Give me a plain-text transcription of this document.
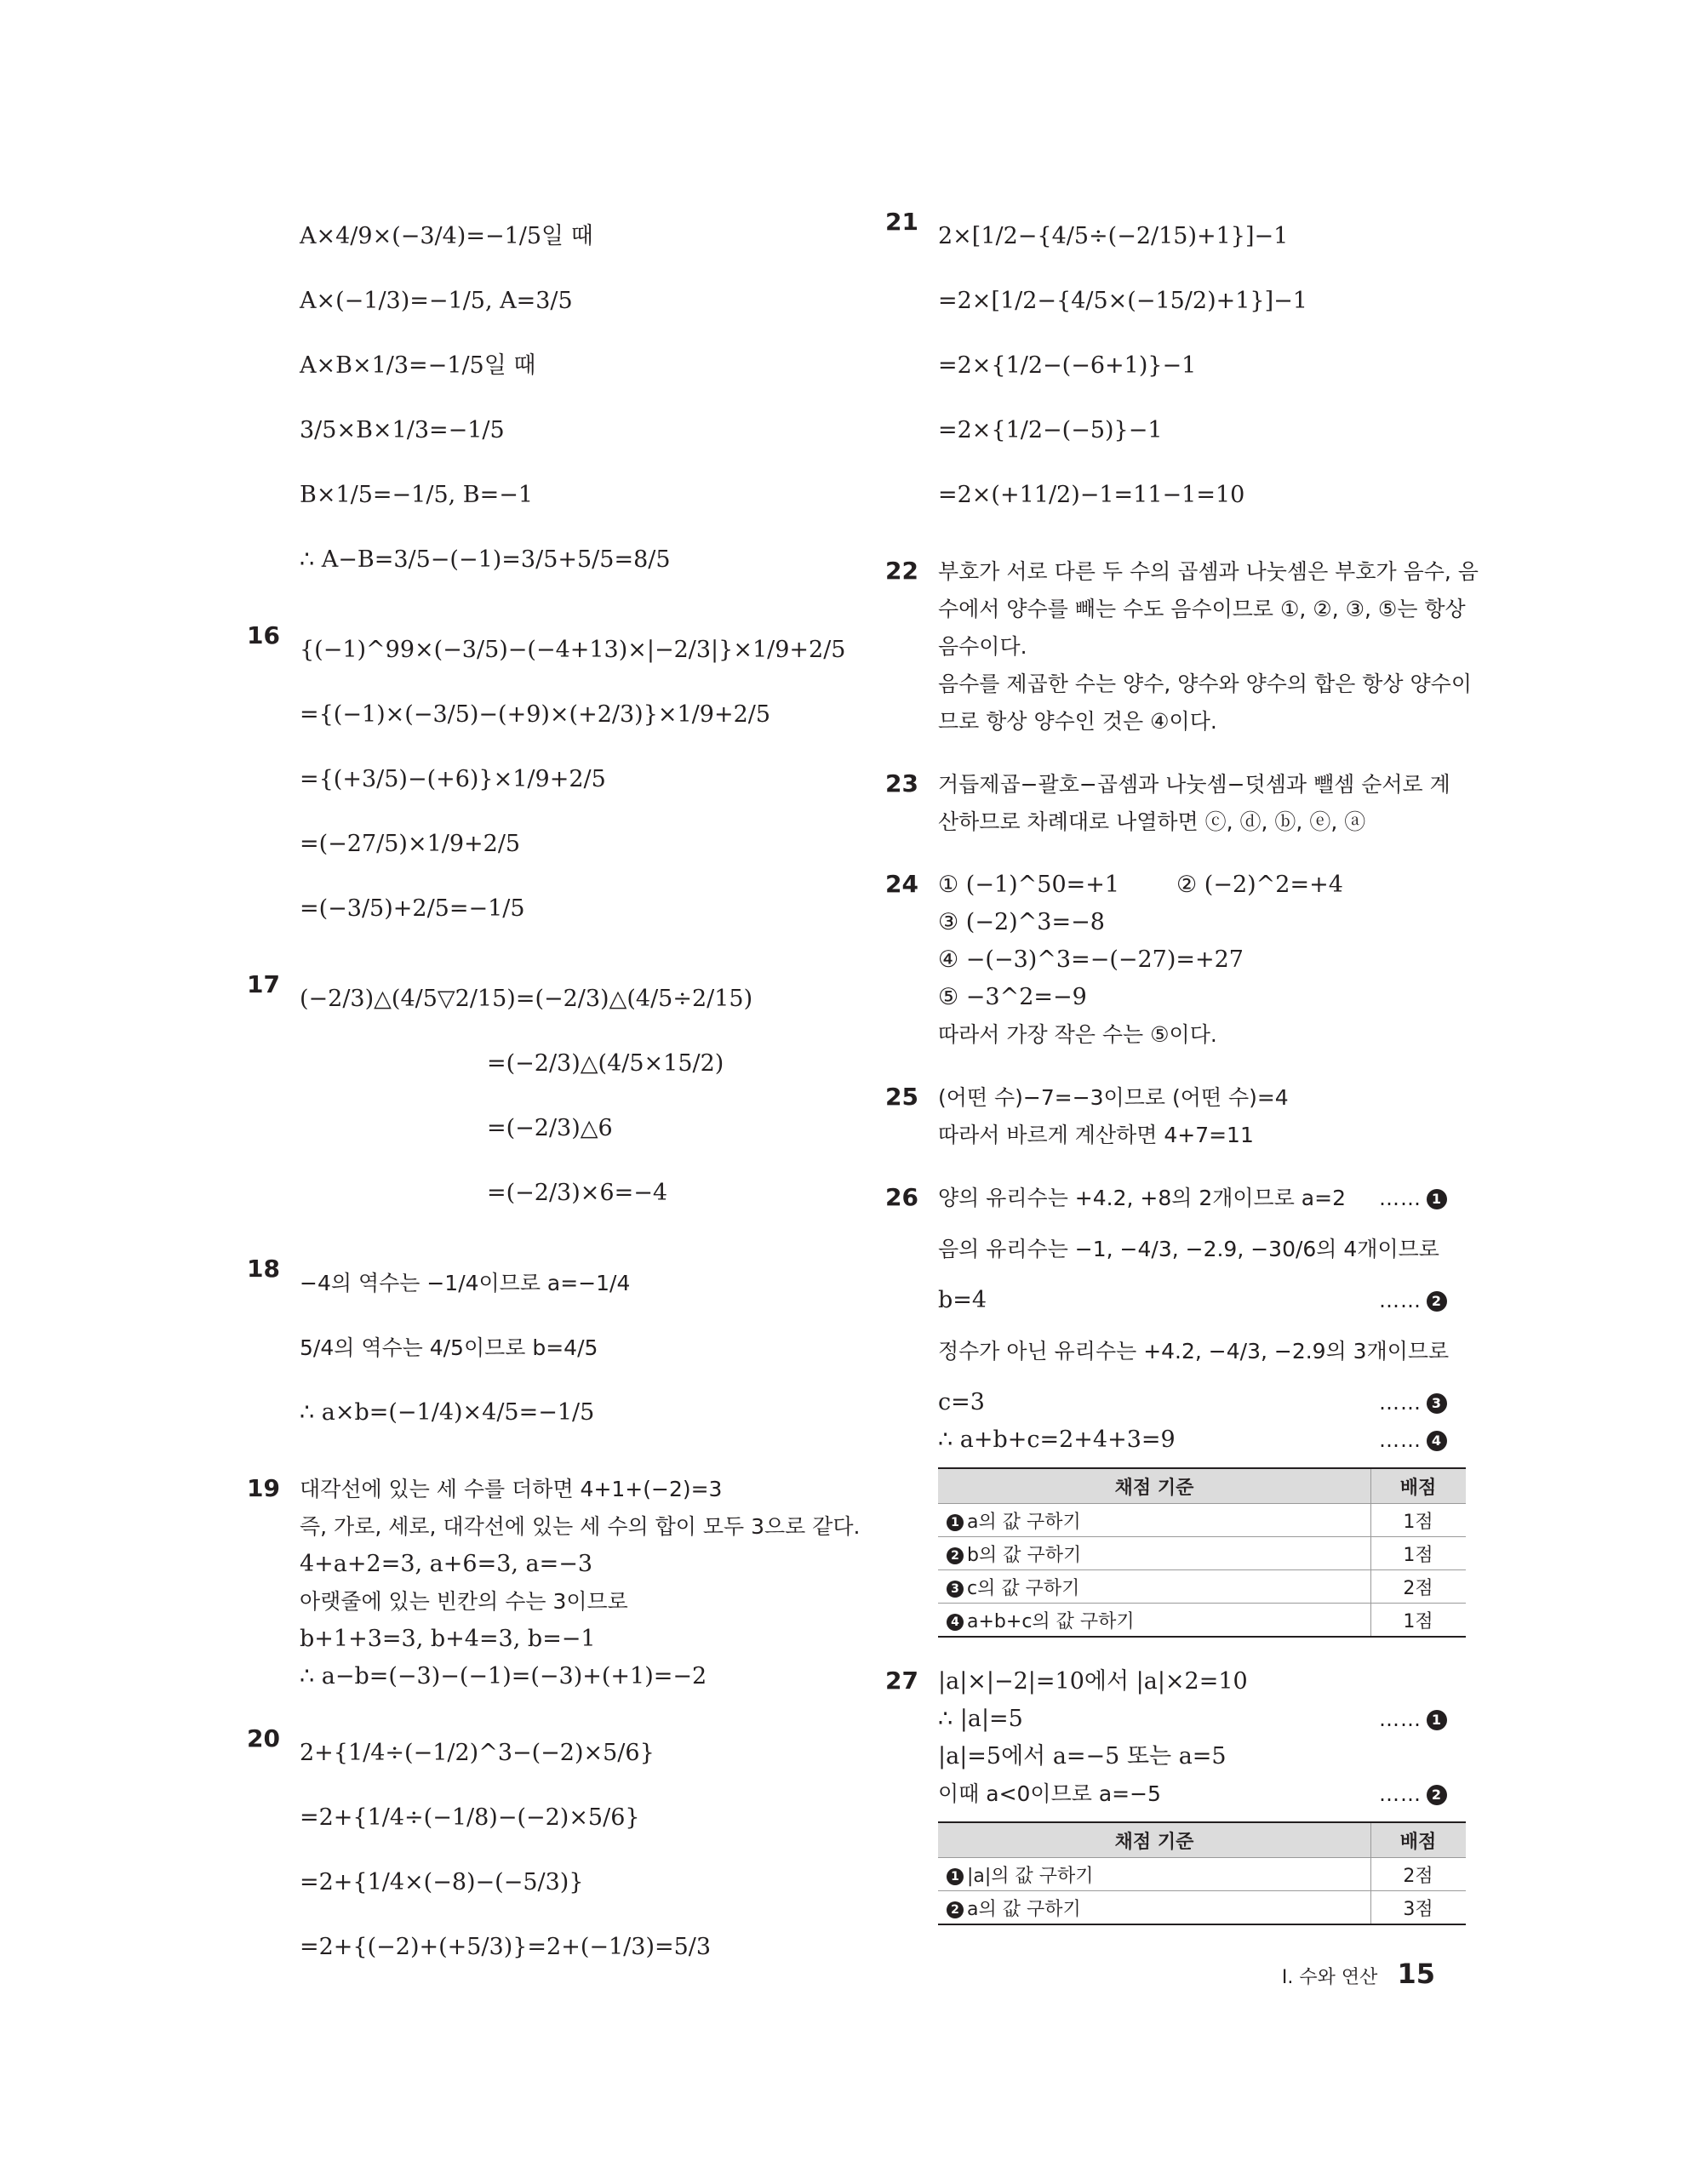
A×4/9×(−3/4)=−1/5일 때
A×(−1/3)=−1/5, A=3/5
A×B×1/3=−1/5일 때
3/5×B×1/3=−1/5
B×1/5=−1/5, B=−1
∴ A−B=3/5−(−1)=3/5+5/5=8/5
16
{(−1)^99×(−3/5)−(−4+13)×|−2/3|}×1/9+2/5
={(−1)×(−3/5)−(+9)×(+2/3)}×1/9+2/5
={(+3/5)−(+6)}×1/9+2/5
=(−27/5)×1/9+2/5
=(−3/5)+2/5=−1/5
17
(−2/3)△(4/5▽2/15)=(−2/3)△(4/5÷2/15)
=(−2/3)△(4/5×15/2)
=(−2/3)△6
=(−2/3)×6=−4
18
−4의 역수는 −1/4이므로 a=−1/4
5/4의 역수는 4/5이므로 b=4/5
∴ a×b=(−1/4)×4/5=−1/5
19 대각선에 있는 세 수를 더하면 4+1+(−2)=3
즉, 가로, 세로, 대각선에 있는 세 수의 합이 모두 3으로 같다.
4+a+2=3, a+6=3, a=−3
아랫줄에 있는 빈칸의 수는 3이므로
b+1+3=3, b+4=3, b=−1
∴ a−b=(−3)−(−1)=(−3)+(+1)=−2
20
2+{1/4÷(−1/2)^3−(−2)×5/6}
=2+{1/4÷(−1/8)−(−2)×5/6}
=2+{1/4×(−8)−(−5/3)}
=2+{(−2)+(+5/3)}=2+(−1/3)=5/3
21
2×[1/2−{4/5÷(−2/15)+1}]−1
=2×[1/2−{4/5×(−15/2)+1}]−1
=2×{1/2−(−6+1)}−1
=2×{1/2−(−5)}−1
=2×(+11/2)−1=11−1=10
22 부호가 서로 다른 두 수의 곱셈과 나눗셈은 부호가 음수, 음
수에서 양수를 빼는 수도 음수이므로 ①, ②, ③, ⑤는 항상
음수이다.
음수를 제곱한 수는 양수, 양수와 양수의 합은 항상 양수이
므로 항상 양수인 것은 ④이다.
23 거듭제곱−괄호−곱셈과 나눗셈−덧셈과 뺄셈 순서로 계
산하므로 차례대로 나열하면 ⓒ, ⓓ, ⓑ, ⓔ, ⓐ
24 ① (−1)^50=+1 ② (−2)^2=+4
③ (−2)^3=−8
④ −(−3)^3=−(−27)=+27
⑤ −3^2=−9
따라서 가장 작은 수는 ⑤이다.
25 (어떤 수)−7=−3이므로 (어떤 수)=4
따라서 바르게 계산하면 4+7=11
26 양의 유리수는 +4.2, +8의 2개이므로 a=2 …… 1
음의 유리수는 −1, −4/3, −2.9, −30/6의 4개이므로
b=4	…… 2
정수가 아닌 유리수는 +4.2, −4/3, −2.9의 3개이므로
c=3	…… 3
∴ a+b+c=2+4+3=9	…… 4
채점 기준	배점
1 a의 값 구하기	1점
2 b의 값 구하기	1점
3 c의 값 구하기	2점
4 a+b+c의 값 구하기	1점
27 |a|×|−2|=10에서 |a|×2=10
∴ |a|=5	…… 1
|a|=5에서 a=−5 또는 a=5
이때 a<0이므로 a=−5	…… 2
채점 기준	배점
1 |a|의 값 구하기	2점
2 a의 값 구하기	3점
I. 수와 연산 15
